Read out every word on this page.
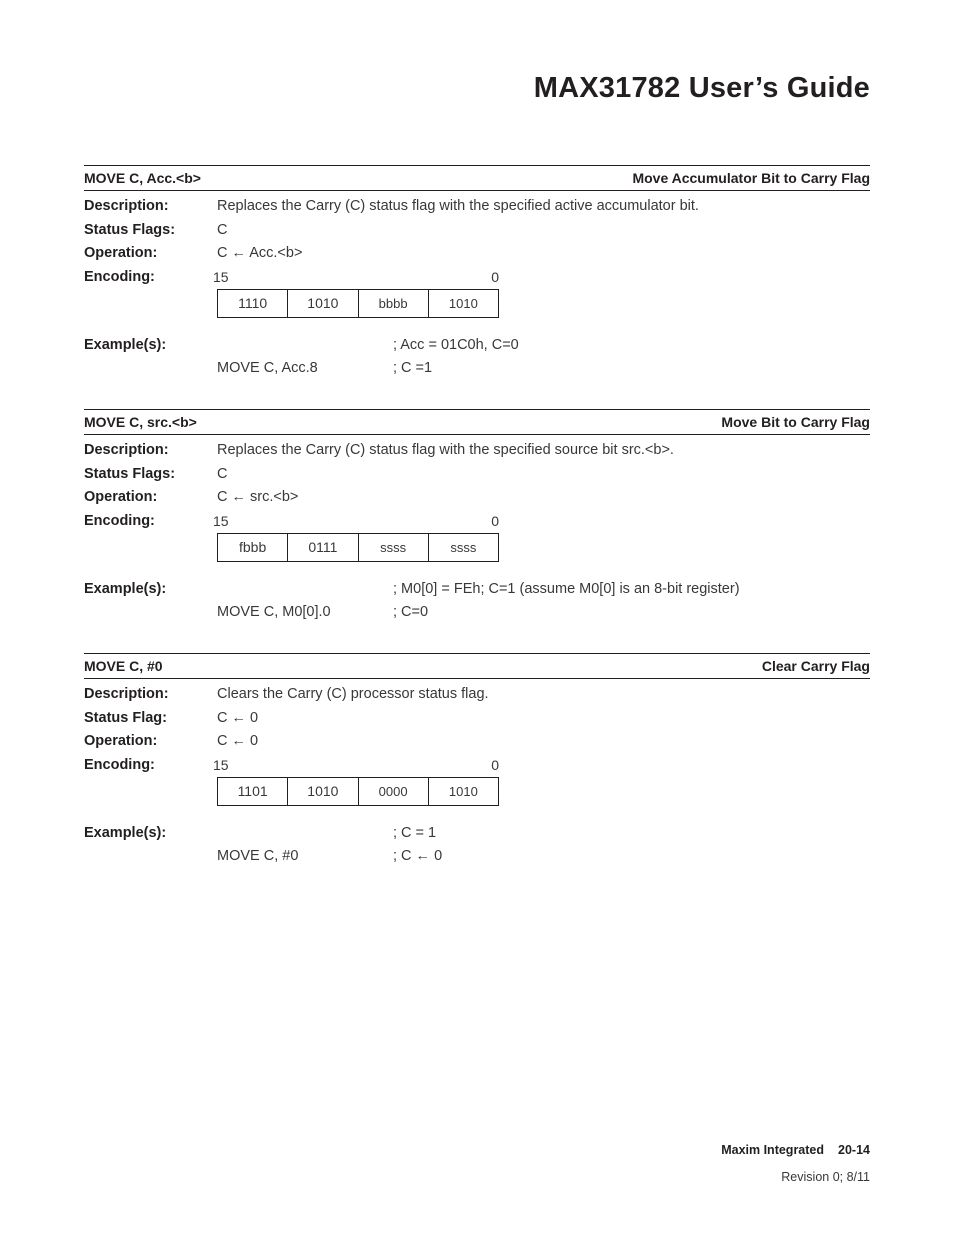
MAX31782 User’s Guide
MOVE C, Acc.<b>	Move Accumulator Bit to Carry Flag
Description:	Replaces the Carry (C) status flag with the specified active accumulator bit.
Status Flags:	C
Operation:	C ← Acc.<b>
Encoding:	15	0
1110	1010	bbbb	1010
Example(s):	; Acc = 01C0h, C=0
MOVE C, Acc.8	; C =1
MOVE C, src.<b>	Move Bit to Carry Flag
Description:	Replaces the Carry (C) status flag with the specified source bit src.<b>.
Status Flags:	C
Operation:	C ← src.<b>
Encoding:	15	0
fbbb	0111	ssss	ssss
Example(s):	; M0[0] = FEh; C=1 (assume M0[0] is an 8-bit register)
MOVE C, M0[0].0	; C=0
MOVE C, #0	Clear Carry Flag
Description:	Clears the Carry (C) processor status flag.
Status Flag:	C ← 0
Operation:	C ← 0
Encoding:	15	0
1101	1010	0000	1010
Example(s):	; C = 1
MOVE C, #0	; C ← 0
Maxim Integrated 20-14
Revision 0; 8/11
